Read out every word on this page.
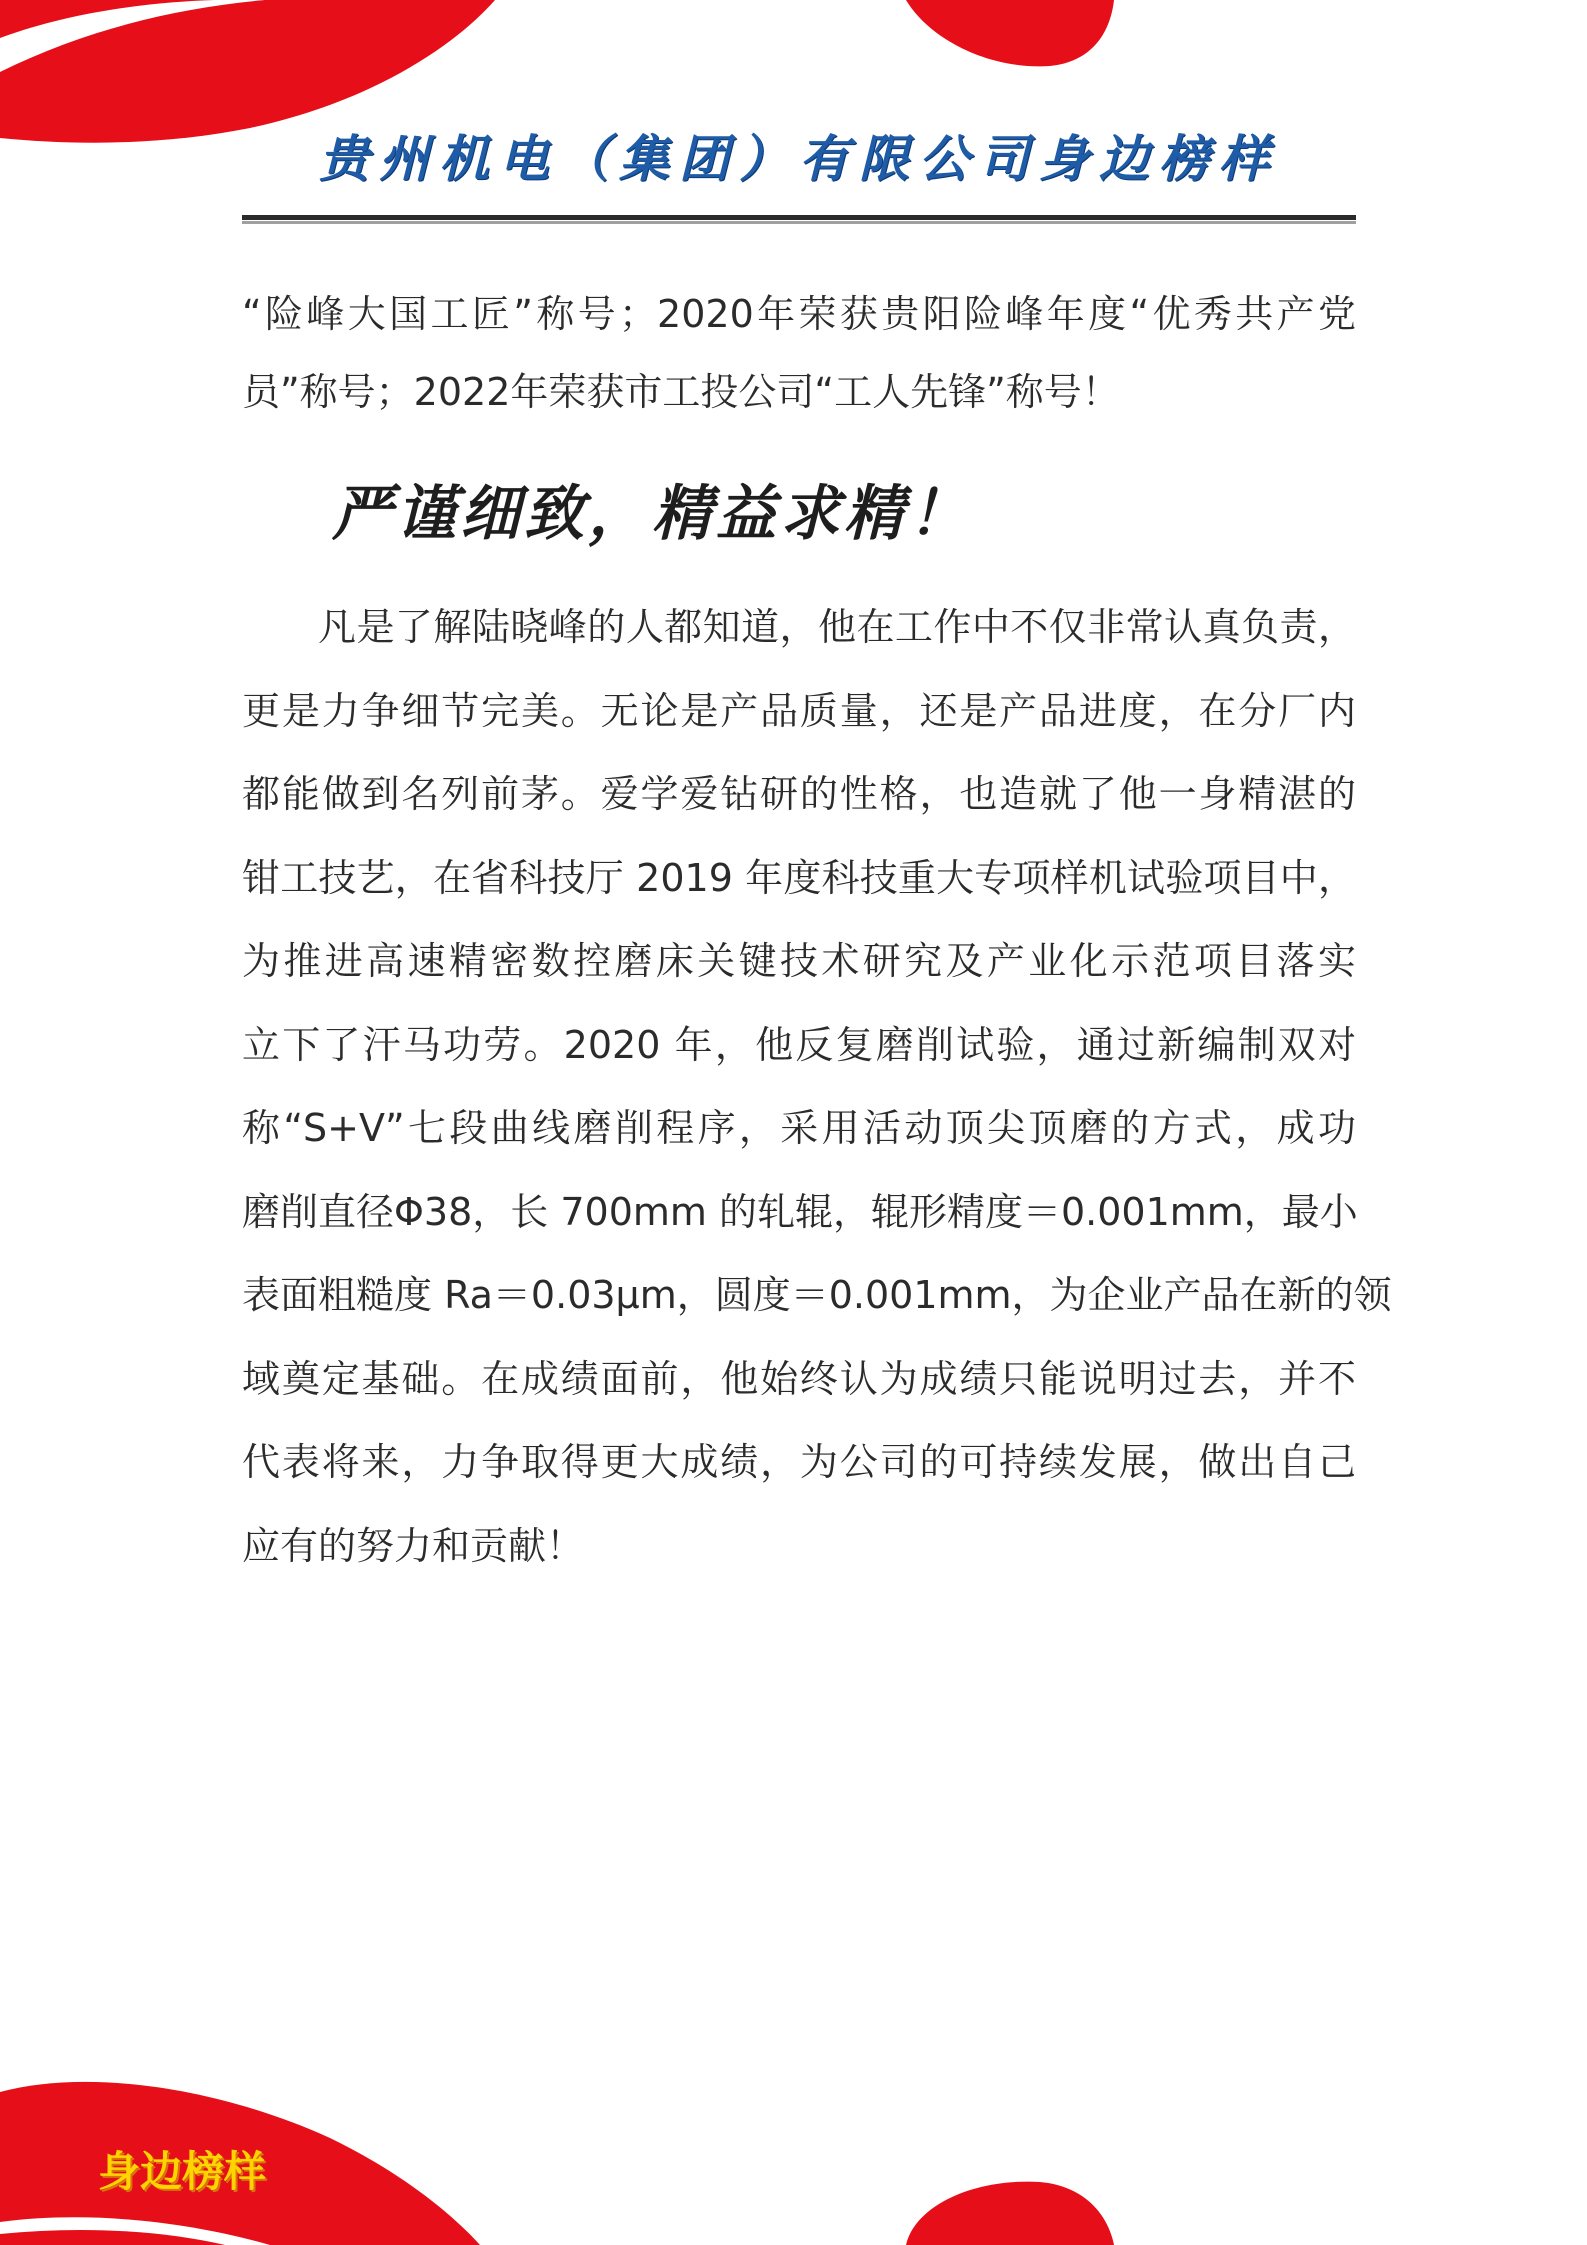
贵州机电（集团）有限公司身边榜样
“险峰大国工匠”称号；2020年荣获贵阳险峰年度“优秀共产党
员”称号；2022年荣获市工投公司“工人先锋”称号！
严谨细致，精益求精！
凡是了解陆晓峰的人都知道，他在工作中不仅非常认真负责，
更是力争细节完美。无论是产品质量，还是产品进度，在分厂内
都能做到名列前茅。爱学爱钻研的性格，也造就了他一身精湛的
钳工技艺，在省科技厅 2019 年度科技重大专项样机试验项目中，
为推进高速精密数控磨床关键技术研究及产业化示范项目落实
立下了汗马功劳。2020 年，他反复磨削试验，通过新编制双对
称“S+V”七段曲线磨削程序，采用活动顶尖顶磨的方式，成功
磨削直径Φ38，长 700mm 的轧辊，辊形精度＝0.001mm，最小
表面粗糙度 Ra＝0.03μm，圆度＝0.001mm，为企业产品在新的领
域奠定基础。在成绩面前，他始终认为成绩只能说明过去，并不
代表将来，力争取得更大成绩，为公司的可持续发展，做出自己
应有的努力和贡献！
身边榜样
